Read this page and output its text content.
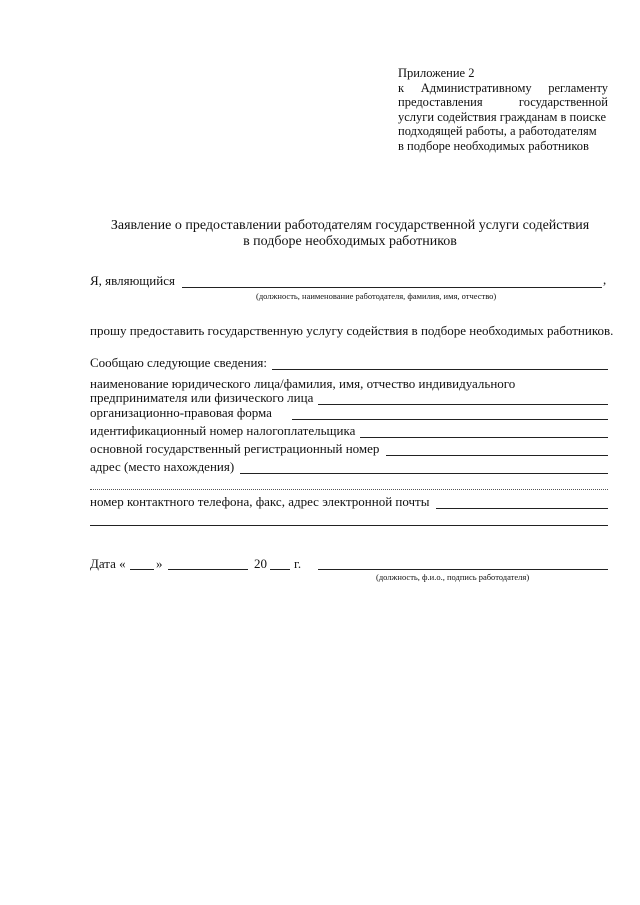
Приложение 2
к Административному регламенту
предоставления государственной
услуги содействия гражданам в поиске
подходящей работы, а работодателям
в подборе необходимых работников
Заявление о предоставлении работодателям государственной услуги содействия
в подборе необходимых работников
Я, являющийся	,
(должность, наименование работодателя, фамилия, имя, отчество)
прошу предоставить государственную услугу содействия в подборе необходимых работников.
Сообщаю следующие сведения:
наименование юридического лица/фамилия, имя, отчество индивидуального
предпринимателя или физического лица
организационно-правовая форма
идентификационный номер налогоплательщика
основной государственный регистрационный номер
адрес (место нахождения)
номер контактного телефона, факс, адрес электронной почты
Дата « »	20 г.
(должность, ф.и.о., подпись работодателя)
